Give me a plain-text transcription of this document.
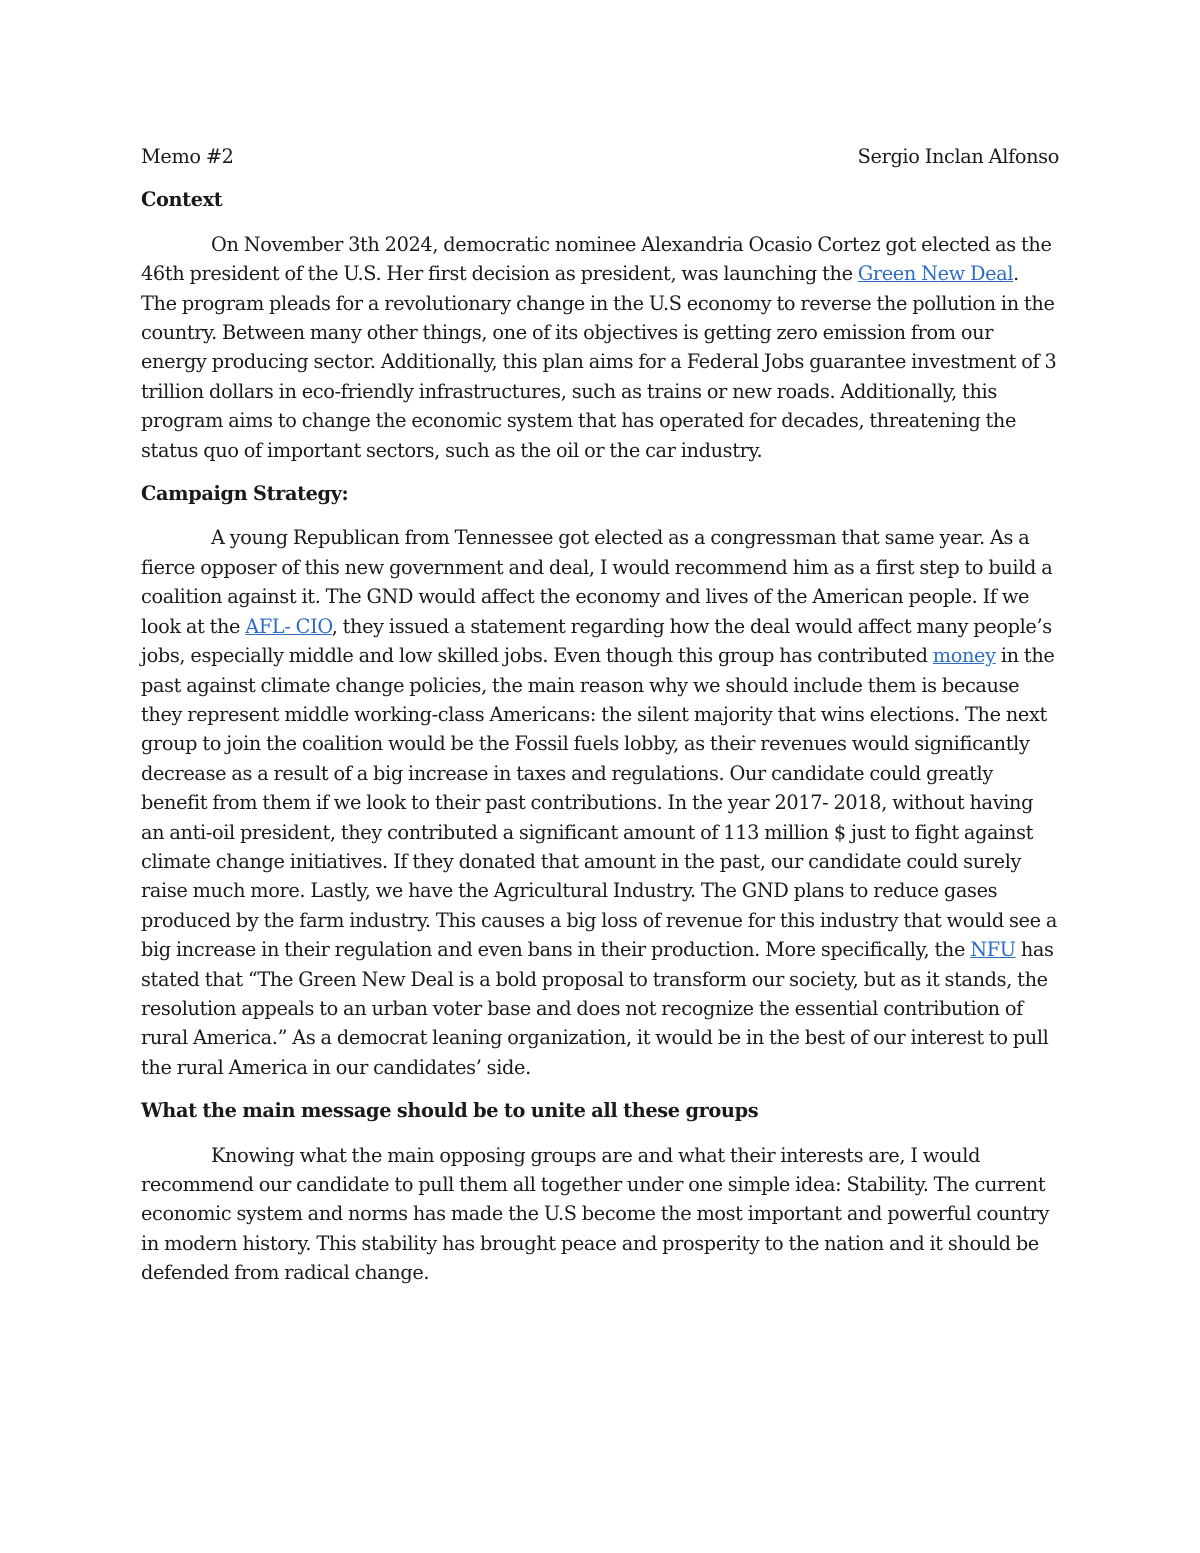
Memo #2	Sergio Inclan Alfonso
Context

On November 3th 2024, democratic nominee Alexandria Ocasio Cortez got elected as the 46th president of the U.S. Her first decision as president, was launching the Green New Deal. The program pleads for a revolutionary change in the U.S economy to reverse the pollution in the country. Between many other things, one of its objectives is getting zero emission from our energy producing sector. Additionally, this plan aims for a Federal Jobs guarantee investment of 3 trillion dollars in eco-friendly infrastructures, such as trains or new roads. Additionally, this program aims to change the economic system that has operated for decades, threatening the status quo of important sectors, such as the oil or the car industry.

Campaign Strategy:

A young Republican from Tennessee got elected as a congressman that same year. As a fierce opposer of this new government and deal, I would recommend him as a first step to build a coalition against it. The GND would affect the economy and lives of the American people. If we look at the AFL- CIO, they issued a statement regarding how the deal would affect many people’s jobs, especially middle and low skilled jobs. Even though this group has contributed money in the past against climate change policies, the main reason why we should include them is because they represent middle working-class Americans: the silent majority that wins elections. The next group to join the coalition would be the Fossil fuels lobby, as their revenues would significantly decrease as a result of a big increase in taxes and regulations. Our candidate could greatly benefit from them if we look to their past contributions. In the year 2017- 2018, without having an anti-oil president, they contributed a significant amount of 113 million $ just to fight against climate change initiatives. If they donated that amount in the past, our candidate could surely raise much more. Lastly, we have the Agricultural Industry. The GND plans to reduce gases produced by the farm industry. This causes a big loss of revenue for this industry that would see a big increase in their regulation and even bans in their production. More specifically, the NFU has stated that “The Green New Deal is a bold proposal to transform our society, but as it stands, the resolution appeals to an urban voter base and does not recognize the essential contribution of rural America.” As a democrat leaning organization, it would be in the best of our interest to pull the rural America in our candidates’ side.

What the main message should be to unite all these groups

Knowing what the main opposing groups are and what their interests are, I would recommend our candidate to pull them all together under one simple idea: Stability. The current economic system and norms has made the U.S become the most important and powerful country in modern history. This stability has brought peace and prosperity to the nation and it should be defended from radical change.
